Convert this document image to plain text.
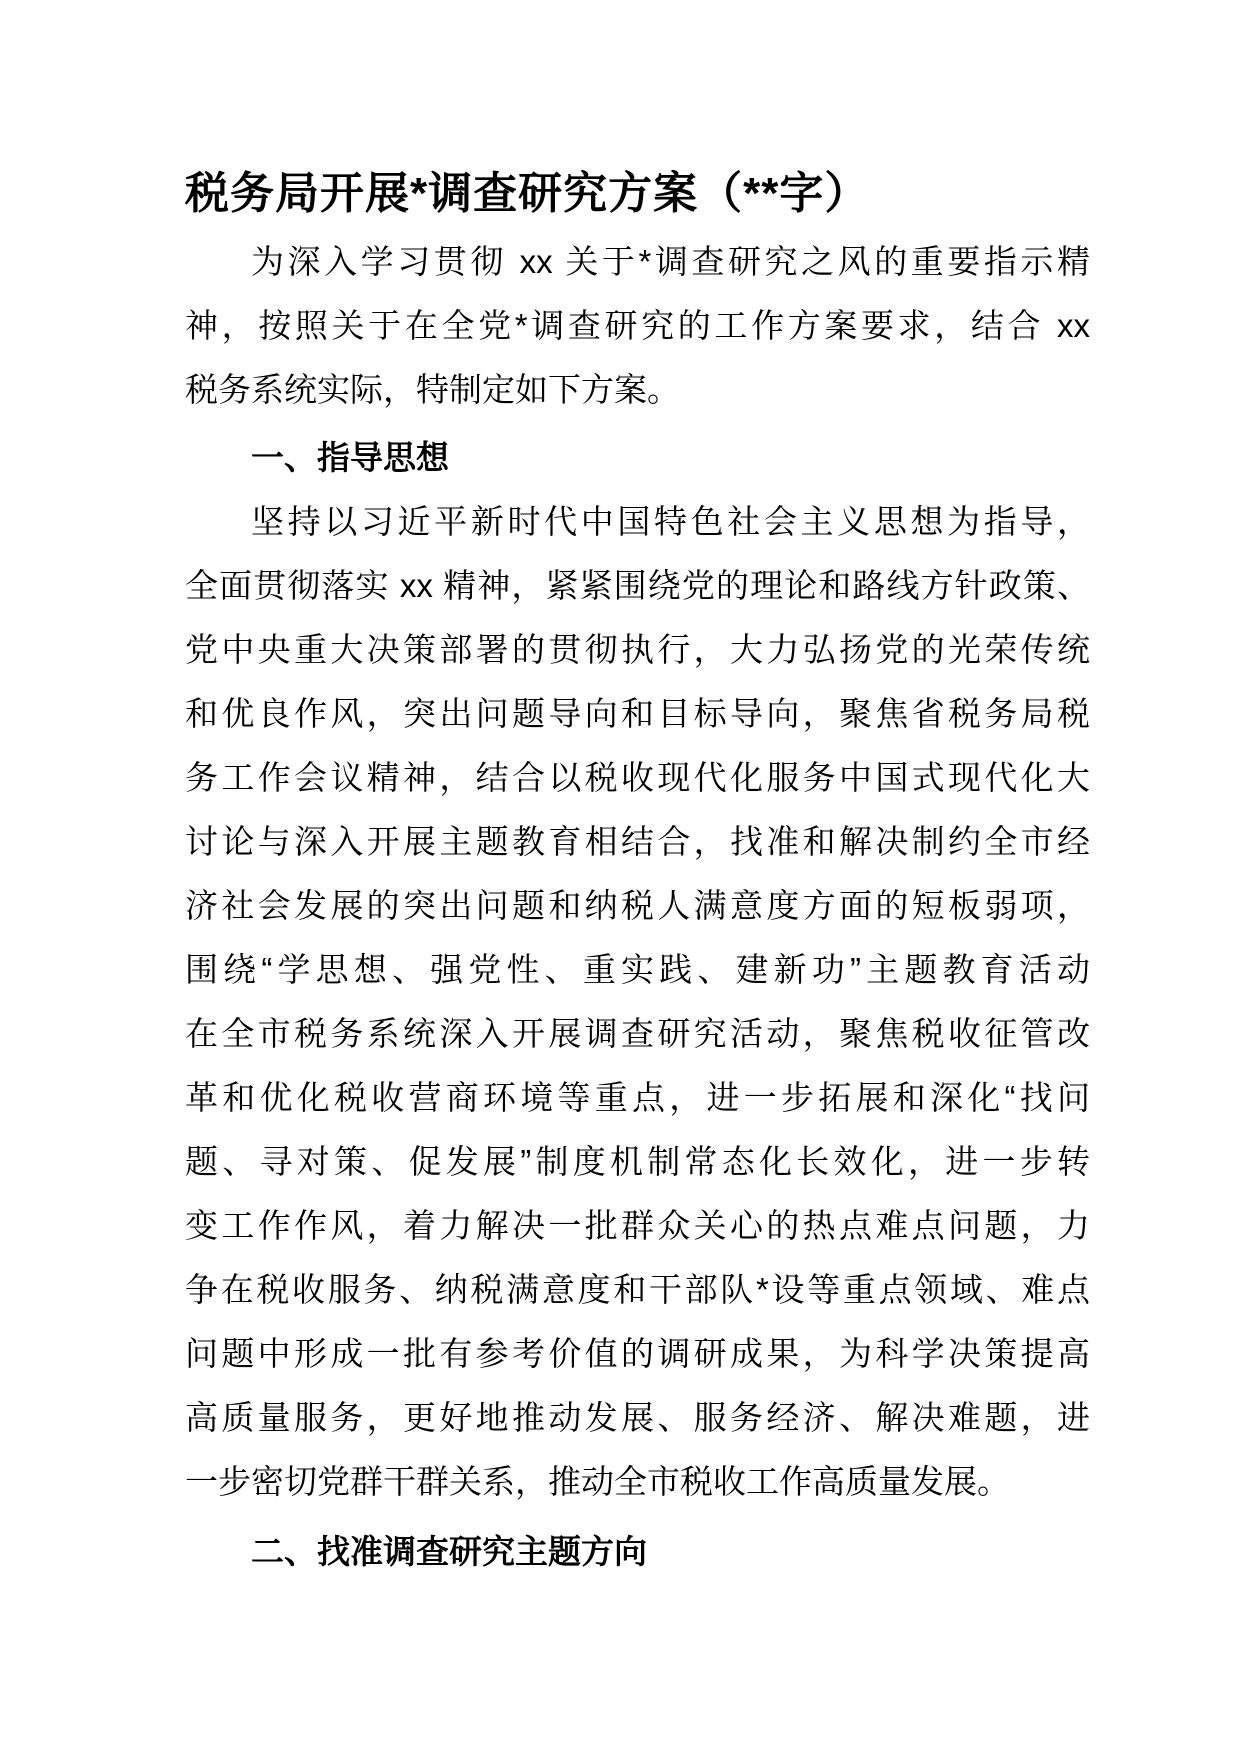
税务局开展*调查研究方案（**字）
为深入学习贯彻 xx 关于*调查研究之风的重要指示精
神，按照关于在全党*调查研究的工作方案要求，结合 xx
税务系统实际，特制定如下方案。
一、指导思想
坚持以习近平新时代中国特色社会主义思想为指导，
全面贯彻落实 xx 精神，紧紧围绕党的理论和路线方针政策、
党中央重大决策部署的贯彻执行，大力弘扬党的光荣传统
和优良作风，突出问题导向和目标导向，聚焦省税务局税
务工作会议精神，结合以税收现代化服务中国式现代化大
讨论与深入开展主题教育相结合，找准和解决制约全市经
济社会发展的突出问题和纳税人满意度方面的短板弱项，
围绕“学思想、强党性、重实践、建新功”主题教育活动
在全市税务系统深入开展调查研究活动，聚焦税收征管改
革和优化税收营商环境等重点，进一步拓展和深化“找问
题、寻对策、促发展”制度机制常态化长效化，进一步转
变工作作风，着力解决一批群众关心的热点难点问题，力
争在税收服务、纳税满意度和干部队*设等重点领域、难点
问题中形成一批有参考价值的调研成果，为科学决策提高
高质量服务，更好地推动发展、服务经济、解决难题，进
一步密切党群干群关系，推动全市税收工作高质量发展。
二、找准调查研究主题方向
